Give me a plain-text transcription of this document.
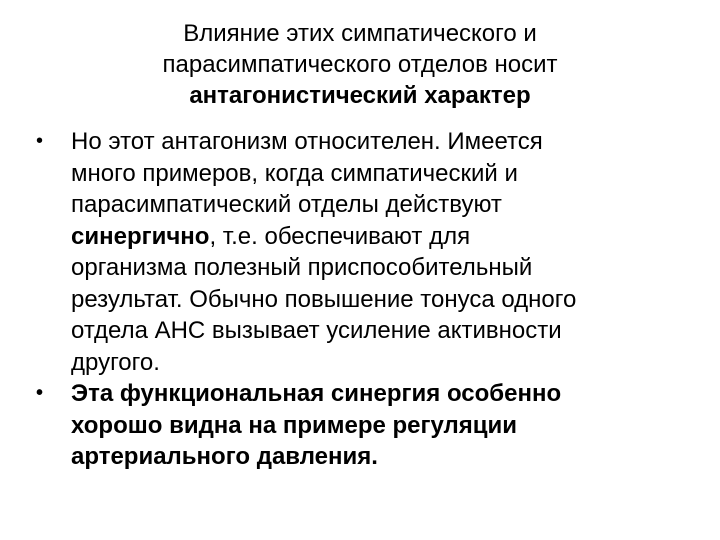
Влияние этих симпатического и
парасимпатического отделов носит
антагонистический характер
• Но этот антагонизм относителен. Имеется
много примеров, когда симпатический и
парасимпатический отделы действуют
синергично, т.е. обеспечивают для
организма полезный приспособительный
результат. Обычно повышение тонуса одного
отдела АНС вызывает усиление активности
другого.
• Эта функциональная синергия особенно
хорошо видна на примере регуляции
артериального давления.
